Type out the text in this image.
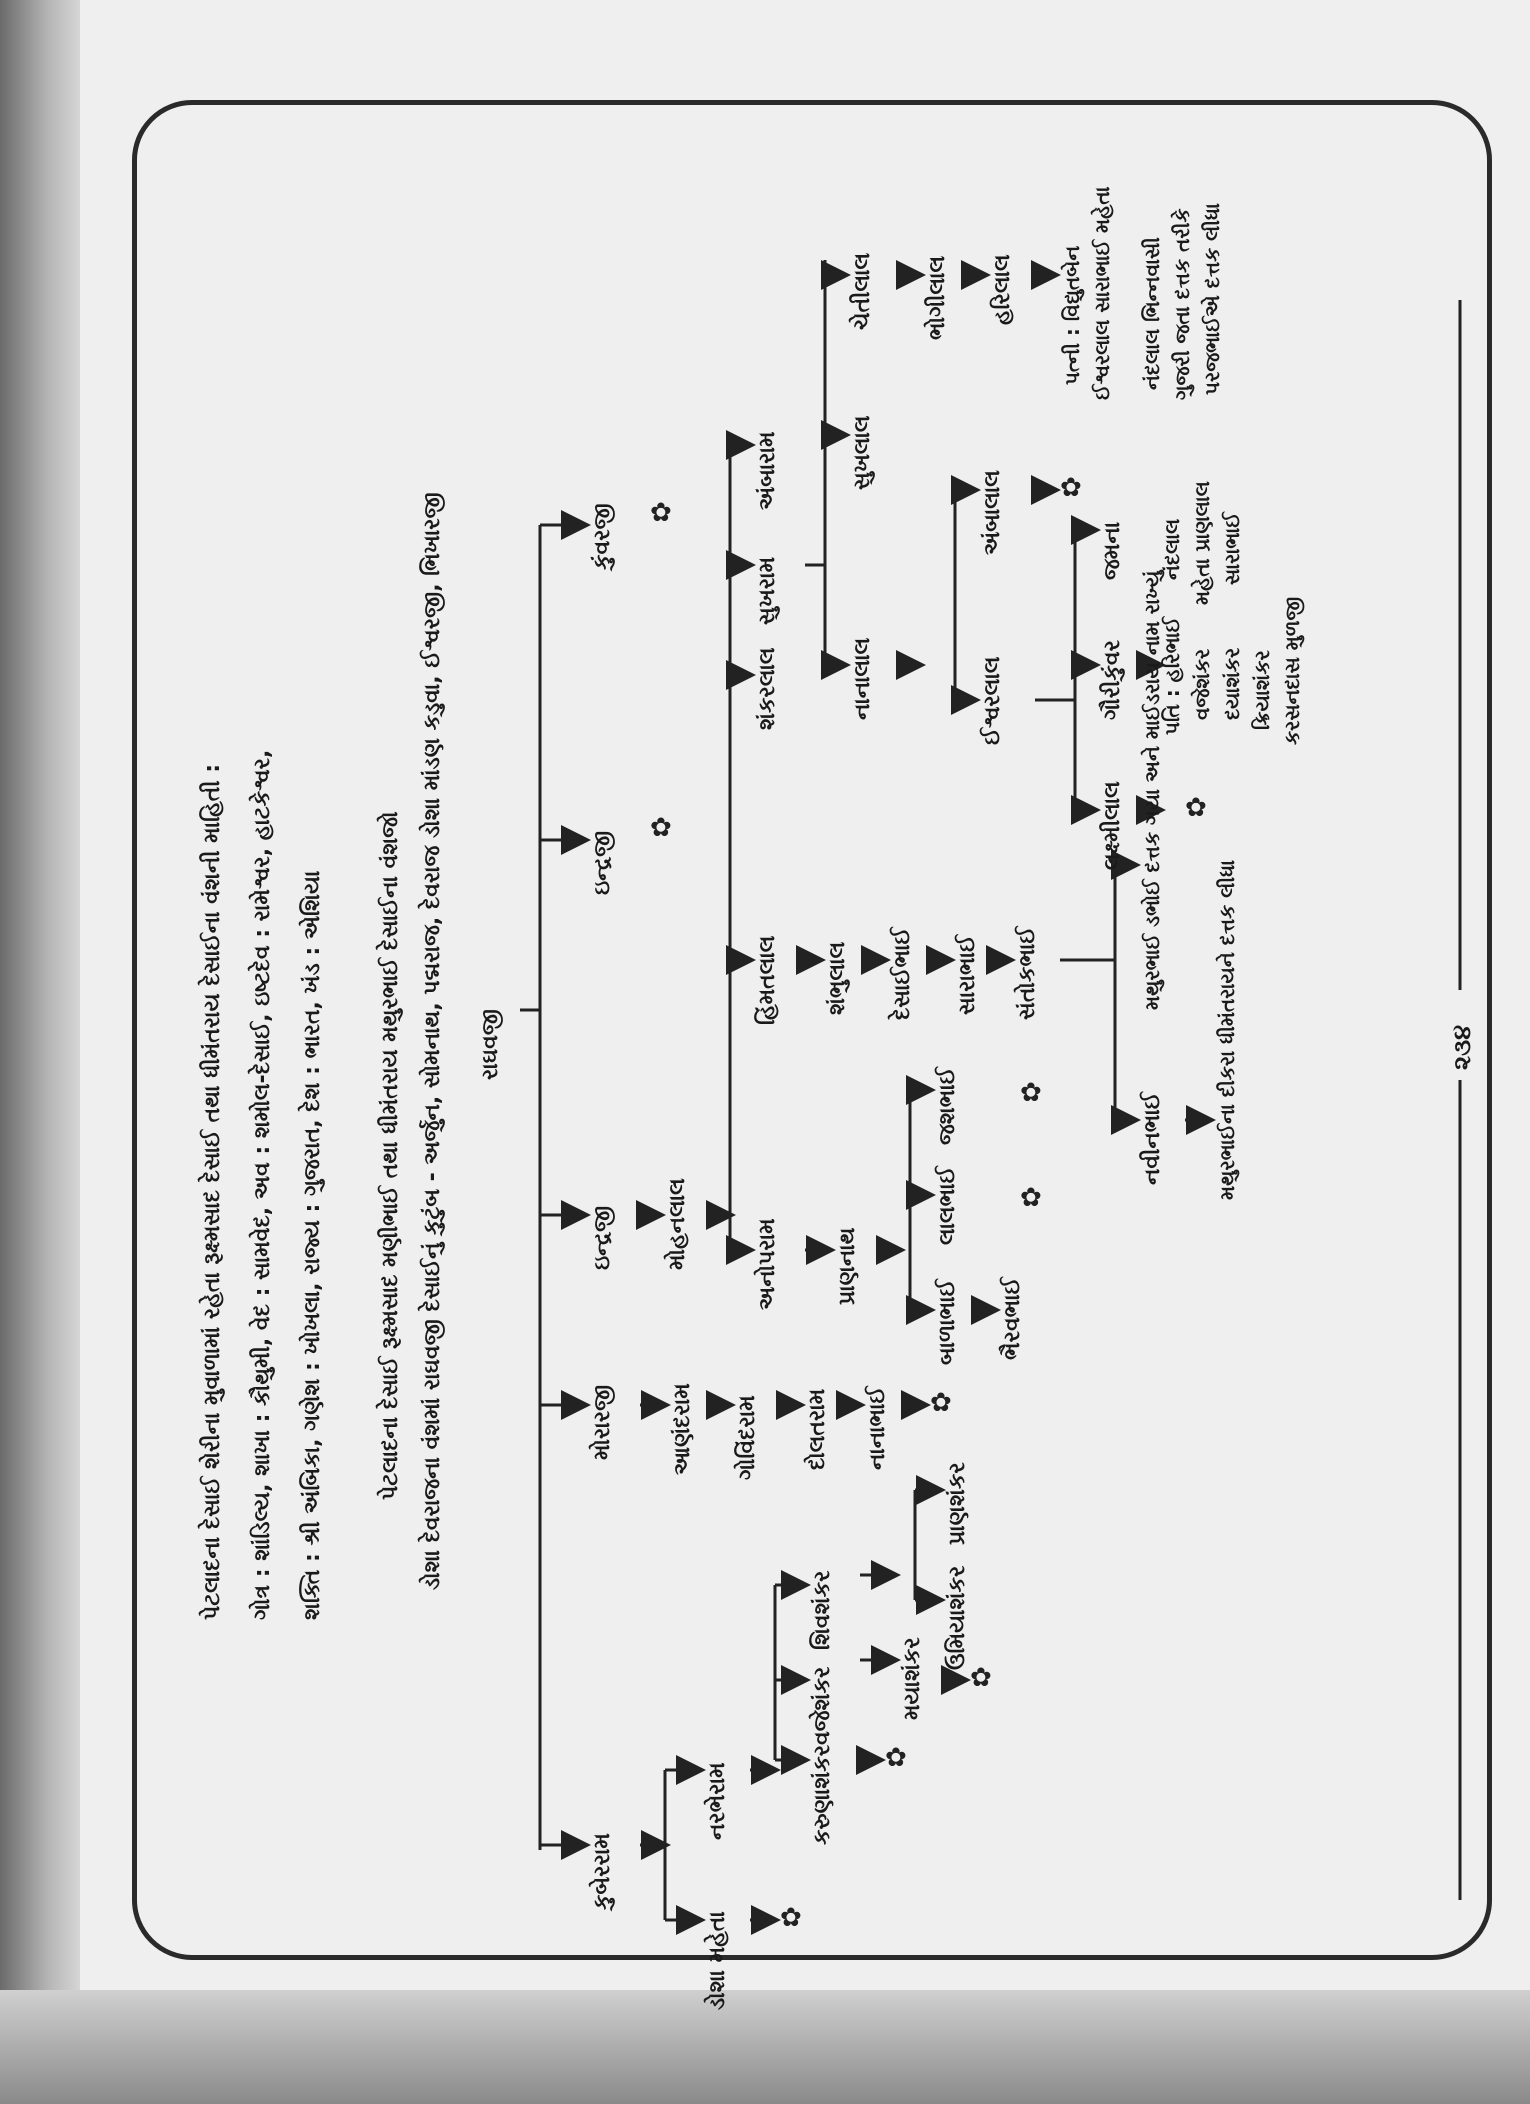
પેટલાદના દેસાઈ શેરીના મુવાળામાં રહેતા રૂક્ષ્મસાદ દેસાઈ તથા ધીમંતરાય દેસાઈના વંશની માહિતી : ગોત્ર : શાંડિલ્ય, શાખા : કૌથુમી, વેદ : સામવેદ, અવ : શમોલ-દેસાઈ, ઇષ્ટદેવ : રામેશ્વર, હાટકેશ્વર, શક્તિ : શ્રી અંબિકા, ગણેશ : ખોખલા, રાજ્ય : ગુજરાત, દેશ : ભારત, ખંડ : એશિયા પેટલાદના દેસાઈ રૂક્ષ્મસાદ મણીભાઈ તથા ધીમંતરાય મથુરભાઈ દેસાઈના વંશજો ડોશા દેવરાજના વંશમાં રાઘવજી દેસાઈનું કુટુંબ - અર્જુન, સોમનાથ, પદ્મરાજ, દેવરાજ ડોશા માંડણ કડુવા, ઈશ્વરજી, ભિખારજી રાઘવજી
કુબેરરામ
મોરારજી
ઇન્દ્રજી
ઇન્દ્રજી
કુંવરજી
✿
✿
ડોશા મહેતા
નરભેરામ
✿
કરુણાશંકર
વજેશંકર
શિવશંકર
✿
મયાશંકર
ઉમિયાશંકર
પ્રાણશંકર
✿
આણંદરામ ગોવિંદરામ દોલતરામ નાનાભાઈ ✿
મોહનલાલ	અનોપરામ
હિંમતલાલ
શંકરલાલ
સુખરામ
અંબારામ
પ્રાણનાથ
બાળાભાઈ
લાલભાઈ
જશભાઈ
✿
✿
ભૈરવભાઈ
શંભુલાલ દેસાઈભાઈ સારાભાઈ સંતોકભાઈ
નવીનભાઈ
મથુરભાઈ ડભોઈ દત્તક ગયા અને માઈડરાય નામ રાખ્યું
મથુરભાઈના દીકરા ધીમંતરાયને દત્તક લીધા
નાનાલાલ
સુખલાલ
ચેતીલાલ
ઈશ્વરલાલ
અંબાલાલ ✿
ભોગીલાલ હરિલાલ પત્ની : વિદ્યુતબેન ઈશ્વરલાલ સારાભાઈ મહેતા
લક્ષ્મીલાલ ✿
ગૌરીકુંવર
જમના
પતિ : હરિભાઈ વજેશંકર દયાશંકર ક્રિયાશંકર કરસનદાસ મુળજી
નંદલાલ મહેતા પ્રાણલાલ સારાભાઈ
નંદલાલ ભિન્નવાસી ગુજરી જતા દત્તક તરીકે પરજભાઈએ દત્તક લીધા
૨૩૪
